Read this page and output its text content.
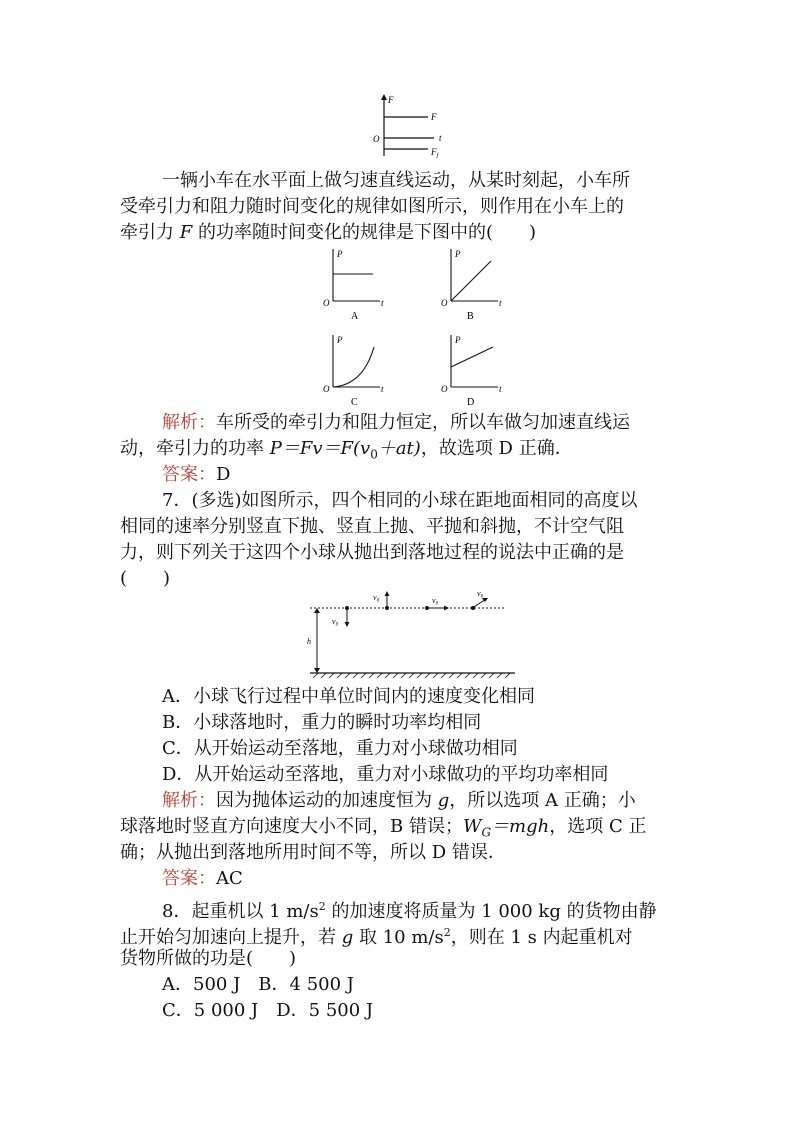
F
F
O	t
$F_f$
一辆小车在水平面上做匀速直线运动，从某时刻起，小车所
受牵引力和阻力随时间变化的规律如图所示，则作用在小车上的
牵引力 F 的功率随时间变化的规律是下图中的(　　)
P
O	t
A
P
O	t
B
P
O	t
C
P
O	t
D
解析：车所受的牵引力和阻力恒定，所以车做匀加速直线运
动，牵引力的功率 $P=Fv=F(v_0+at)$，故选项 D 正确．
答案：D
7．(多选)如图所示，四个相同的小球在距地面相同的高度以
相同的速率分别竖直下抛、竖直上抛、平抛和斜抛，不计空气阻
力，则下列关于这四个小球从抛出到落地过程的说法中正确的是
(　　)
v0
v0	v0
v0
h
A．小球飞行过程中单位时间内的速度变化相同
B．小球落地时，重力的瞬时功率均相同
C．从开始运动至落地，重力对小球做功相同
D．从开始运动至落地，重力对小球做功的平均功率相同
解析：因为抛体运动的加速度恒为 g，所以选项 A 正确；小
球落地时竖直方向速度大小不同，B 错误；$W_G=mgh$，选项 C 正
确；从抛出到落地所用时间不等，所以 D 错误．
答案：AC
8．起重机以 1 $m/s^2$ 的加速度将质量为 1 000 kg 的货物由静
止开始匀加速向上提升，若 g 取 10 $m/s^2$，则在 1 s 内起重机对
货物所做的功是(　　)
A．500 J　B．4 500 J
C．5 000 J　D．5 500 J
